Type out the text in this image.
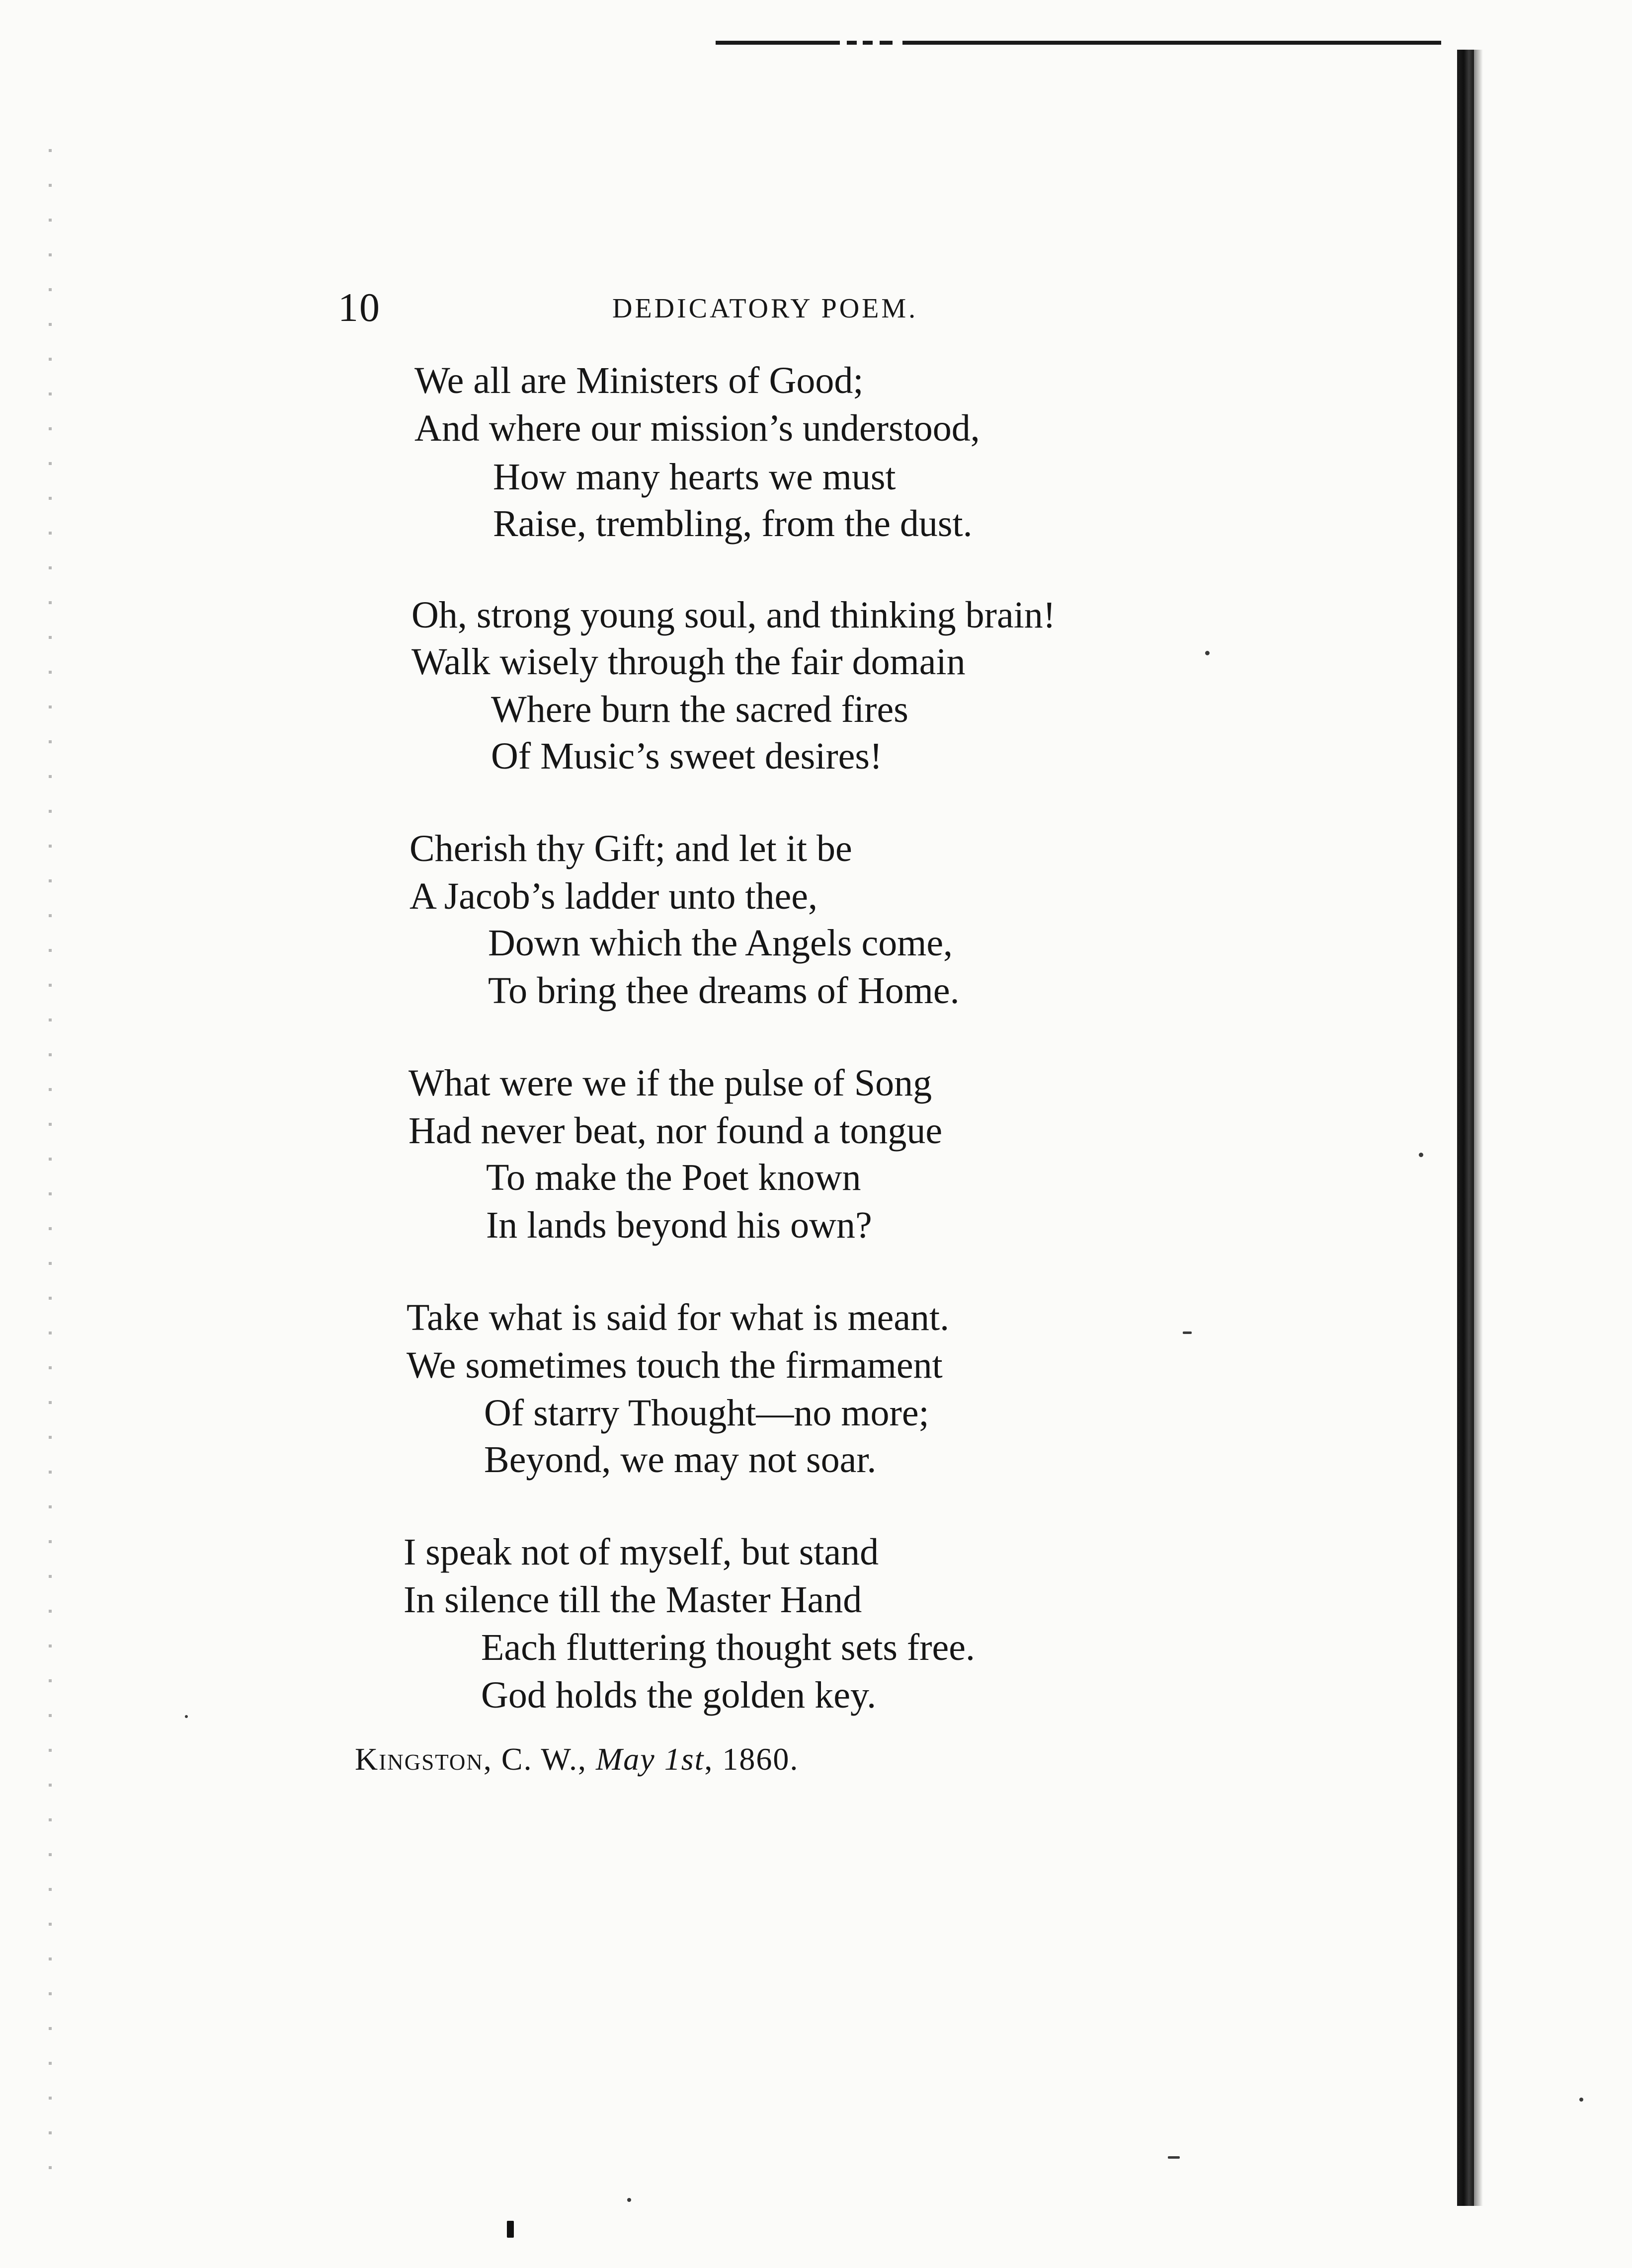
10	DEDICATORY POEM.
We all are Ministers of Good;
And where our mission’s understood,
How many hearts we must
Raise, trembling, from the dust.
Oh, strong young soul, and thinking brain!
Walk wisely through the fair domain
Where burn the sacred fires
Of Music’s sweet desires!
Cherish thy Gift; and let it be
A Jacob’s ladder unto thee,
Down which the Angels come,
To bring thee dreams of Home.
What were we if the pulse of Song
Had never beat, nor found a tongue
To make the Poet known
In lands beyond his own?
Take what is said for what is meant.
We sometimes touch the firmament
Of starry Thought—no more;
Beyond, we may not soar.
I speak not of myself, but stand
In silence till the Master Hand
Each fluttering thought sets free.
God holds the golden key.
Kingston, C. W., May 1st, 1860.
